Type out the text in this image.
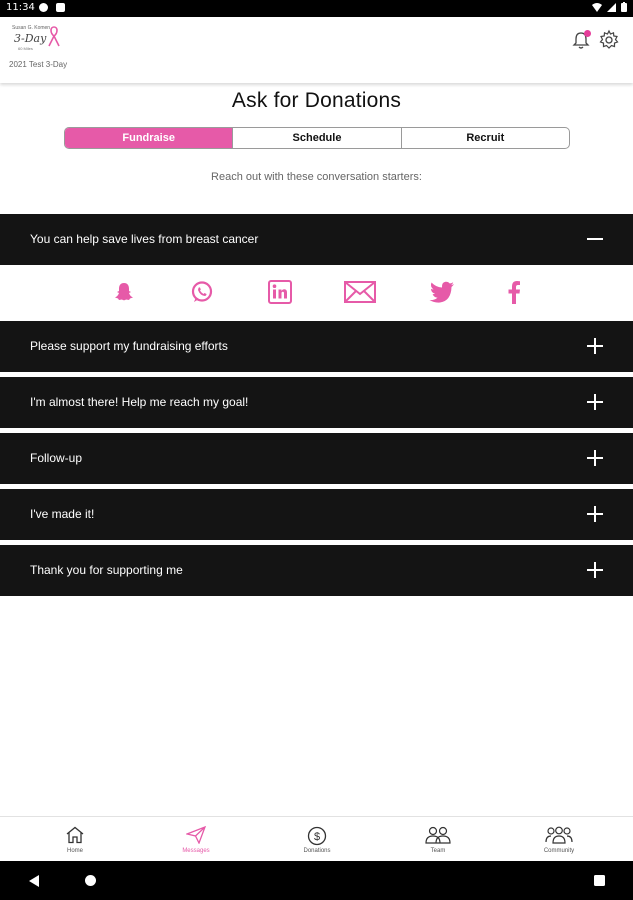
11:34
Susan G. Komen
3-Day
60 Miles
2021 Test 3-Day
Ask for Donations
Fundraise	Schedule	Recruit
Reach out with these conversation starters:
You can help save lives from breast cancer
Please support my fundraising efforts
I'm almost there! Help me reach my goal!
Follow-up
I've made it!
Thank you for supporting me
Home	Messages
$
Donations	Team	Community
